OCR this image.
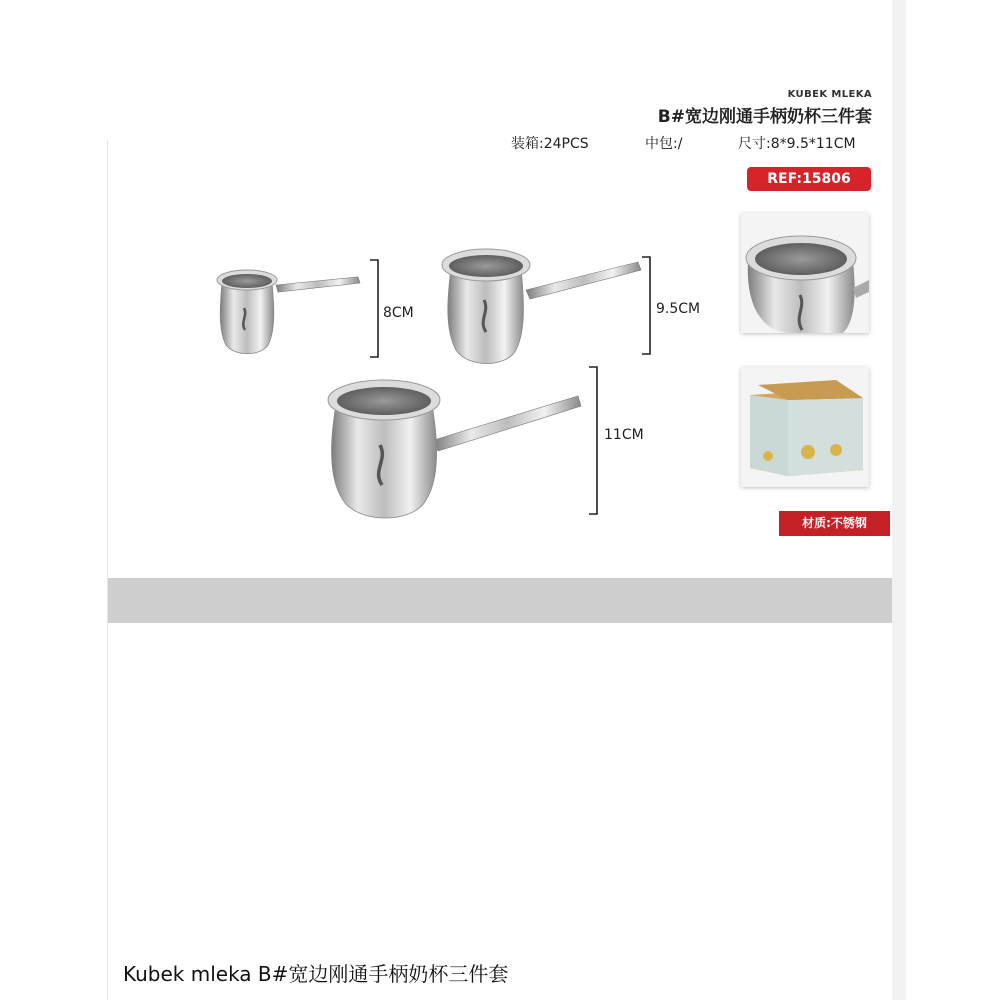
KUBEK MLEKA
B#宽边刚通手柄奶杯三件套
装箱:24PCS	中包:/	尺寸:8*9.5*11CM
REF:15806
8CM	9.5CM
11CM
材质:不锈钢
Kubek mleka B#宽边刚通手柄奶杯三件套
